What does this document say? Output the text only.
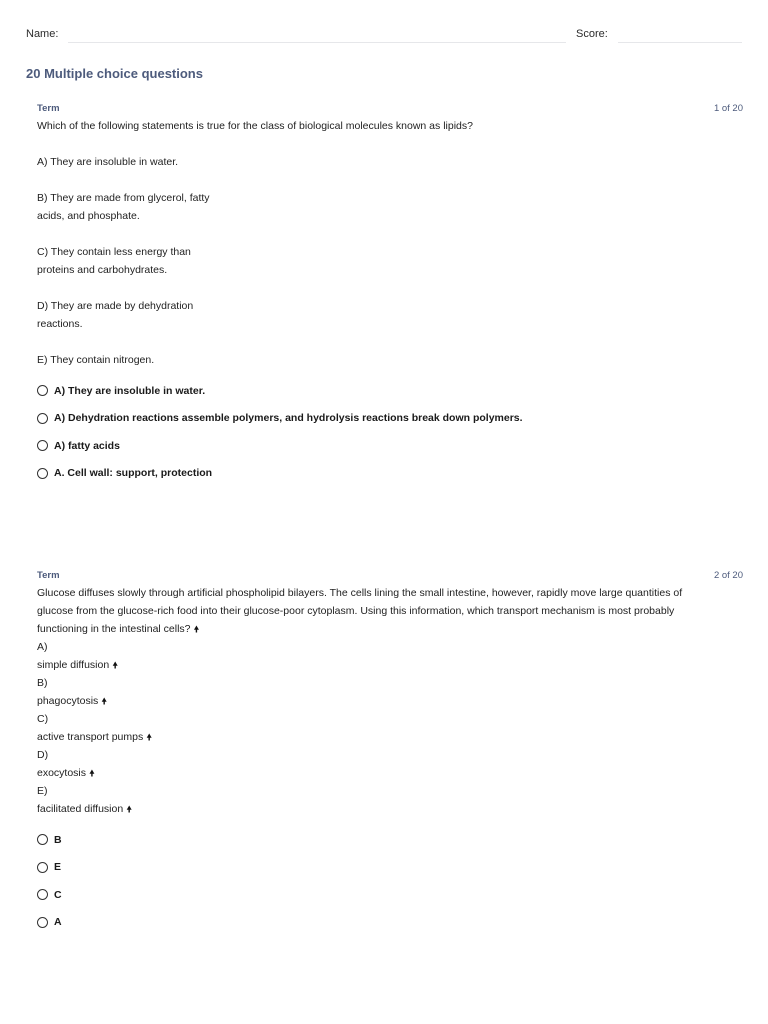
Name:	Score:
20 Multiple choice questions
Term	1 of 20
Which of the following statements is true for the class of biological molecules known as lipids?
A) They are insoluble in water.
B) They are made from glycerol, fatty
acids, and phosphate.
C) They contain less energy than
proteins and carbohydrates.
D) They are made by dehydration
reactions.
E) They contain nitrogen.
A) They are insoluble in water.
A) Dehydration reactions assemble polymers, and hydrolysis reactions break down polymers.
A) fatty acids
A. Cell wall: support, protection
Term	2 of 20
Glucose diffuses slowly through artificial phospholipid bilayers. The cells lining the small intestine, however, rapidly move large quantities of
glucose from the glucose-rich food into their glucose-poor cytoplasm. Using this information, which transport mechanism is most probably
functioning in the intestinal cells? 🠝
A)
simple diffusion 🠝
B)
phagocytosis 🠝
C)
active transport pumps 🠝
D)
exocytosis 🠝
E)
facilitated diffusion 🠝
B
E
C
A
